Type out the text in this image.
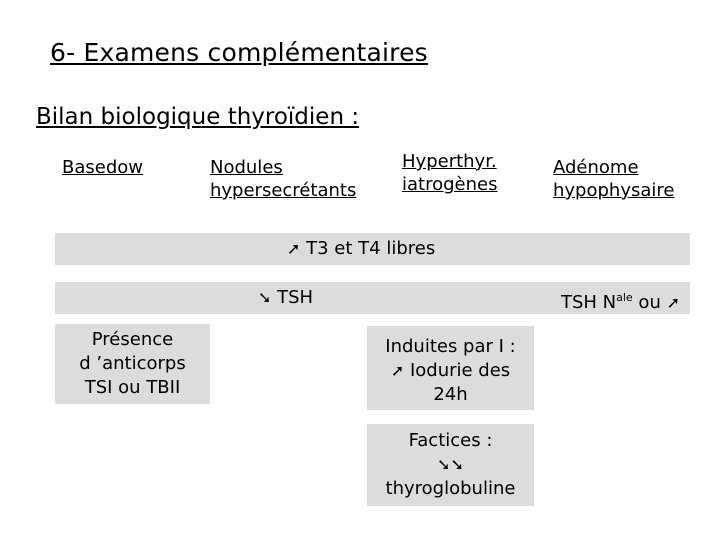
6- Examens complémentaires
Bilan biologique thyroïdien :
Basedow	Nodules
hypersecrétants
Hyperthyr.
iatrogènes
Adénome
hypophysaire
➚ T3 et T4 libres
➘ TSH	TSH $N^{ale}$ ou ➚
Présence
d ’anticorps
TSI ou TBII
Induites par I :
➚ Iodurie des
24h
Factices :
➘➘
thyroglobuline
